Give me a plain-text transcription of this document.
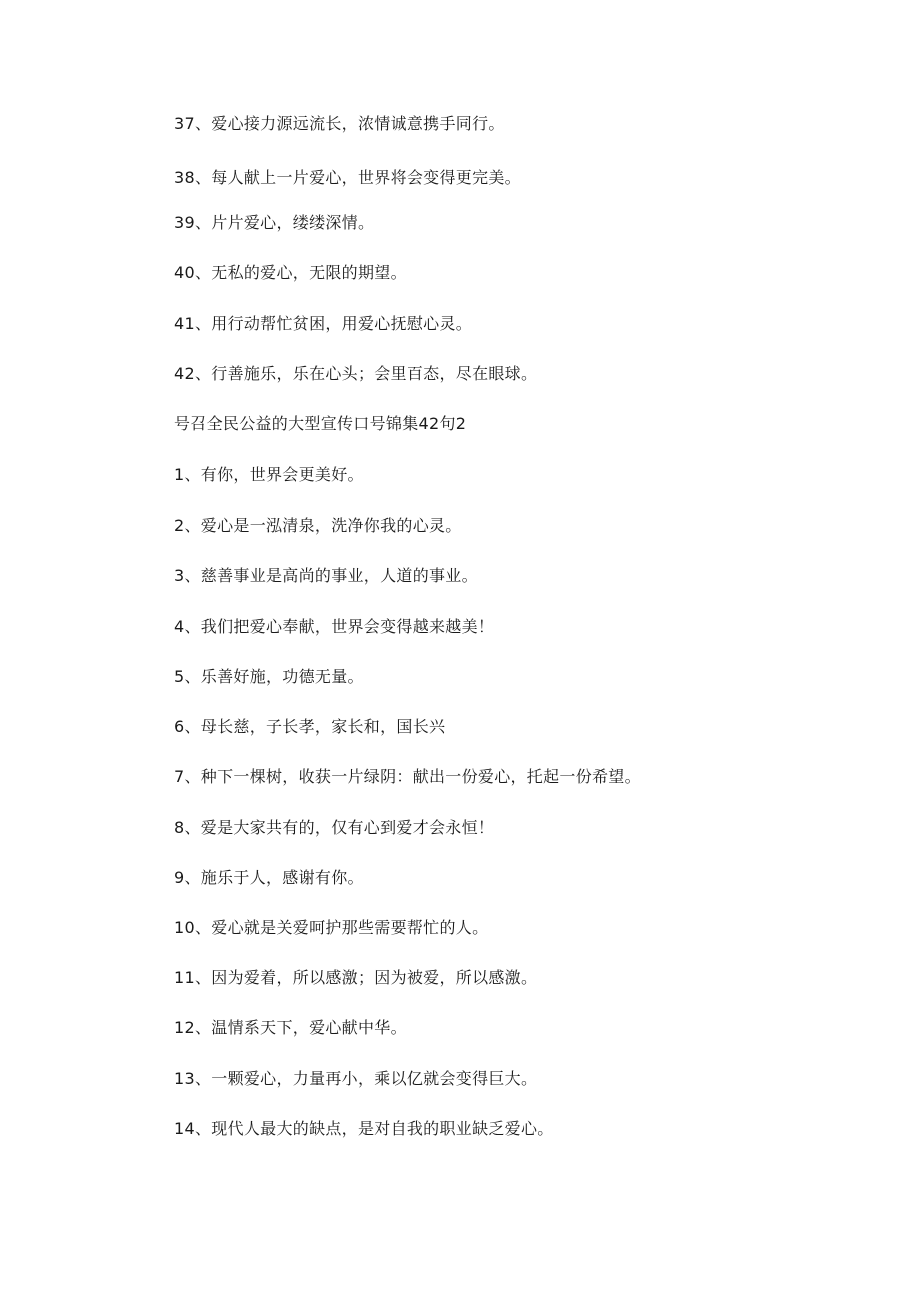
37、爱心接力源远流长，浓情诚意携手同行。
38、每人献上一片爱心，世界将会变得更完美。
39、片片爱心，缕缕深情。
40、无私的爱心，无限的期望。
41、用行动帮忙贫困，用爱心抚慰心灵。
42、行善施乐，乐在心头；会里百态，尽在眼球。
号召全民公益的大型宣传口号锦集42句2
1、有你，世界会更美好。
2、爱心是一泓清泉，洗净你我的心灵。
3、慈善事业是高尚的事业，人道的事业。
4、我们把爱心奉献，世界会变得越来越美！
5、乐善好施，功德无量。
6、母长慈，子长孝，家长和，国长兴
7、种下一棵树，收获一片绿阴：献出一份爱心，托起一份希望。
8、爱是大家共有的，仅有心到爱才会永恒！
9、施乐于人，感谢有你。
10、爱心就是关爱呵护那些需要帮忙的人。
11、因为爱着，所以感激；因为被爱，所以感激。
12、温情系天下，爱心献中华。
13、一颗爱心，力量再小，乘以亿就会变得巨大。
14、现代人最大的缺点，是对自我的职业缺乏爱心。
